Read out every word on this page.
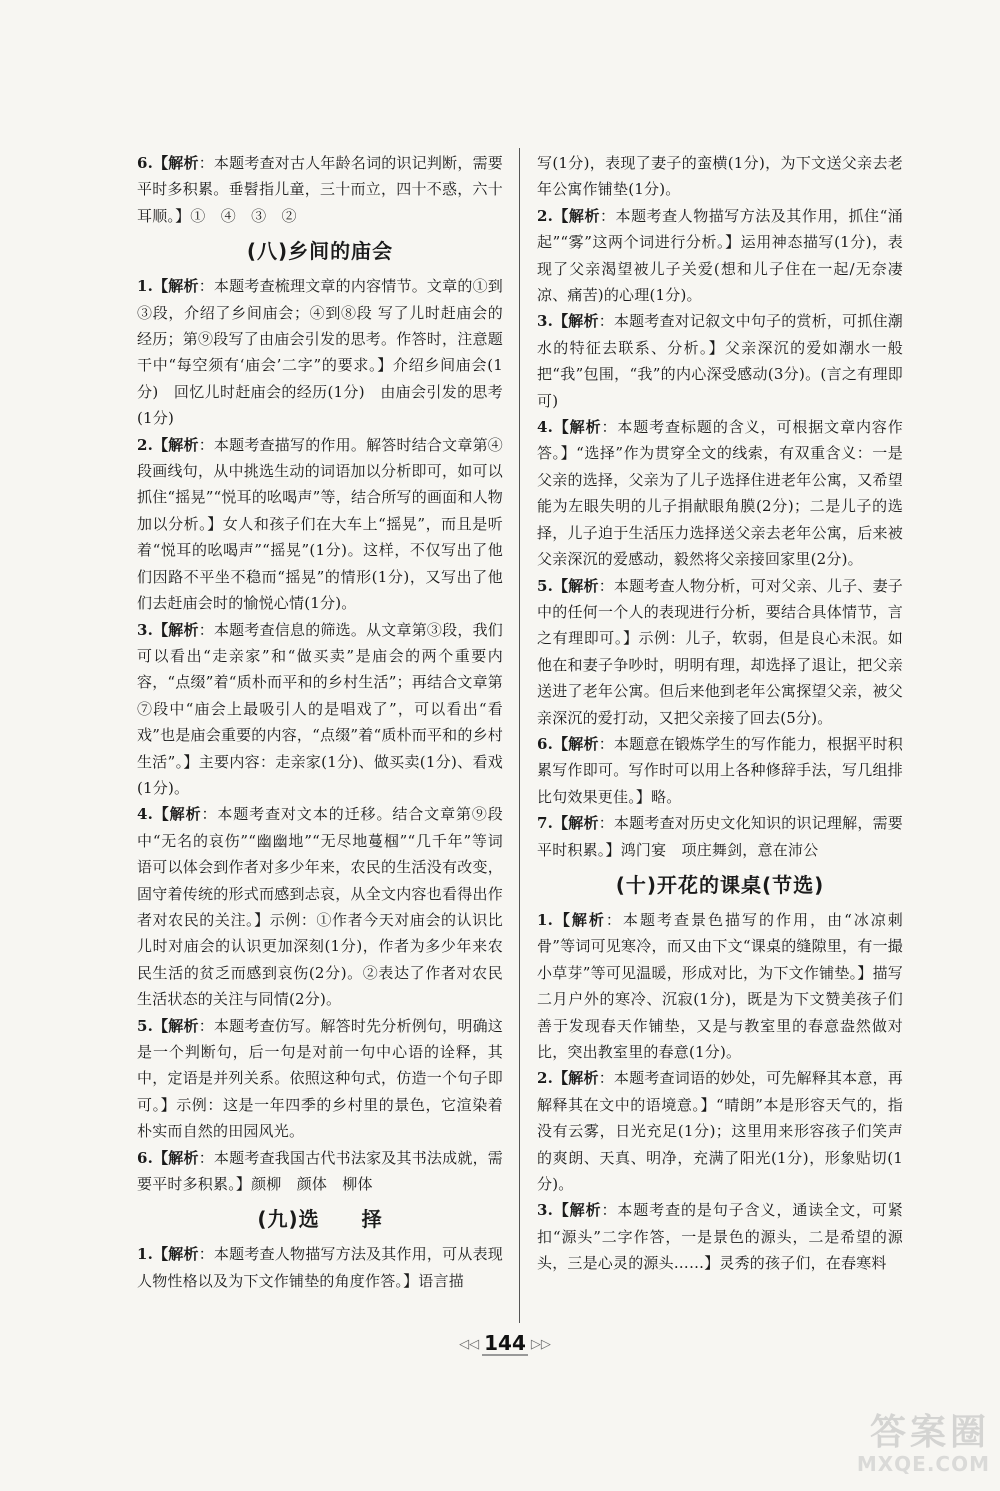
6.【解析：本题考查对古人年龄名词的识记判断，需要平时多积累。垂髫指儿童，三十而立，四十不惑，六十耳顺。】①　④　③　②

(八)乡间的庙会

1.【解析：本题考查梳理文章的内容情节。文章的①到③段，介绍了乡间庙会；④到⑧段 写了儿时赶庙会的经历；第⑨段写了由庙会引发的思考。作答时，注意题干中“每空须有‘庙会’二字”的要求。】介绍乡间庙会(1分)　回忆儿时赶庙会的经历(1分)　由庙会引发的思考(1分)

2.【解析：本题考查描写的作用。解答时结合文章第④段画线句，从中挑选生动的词语加以分析即可，如可以抓住“摇晃”“悦耳的吆喝声”等，结合所写的画面和人物加以分析。】女人和孩子们在大车上“摇晃”，而且是听着“悦耳的吆喝声”“摇晃”(1分)。这样，不仅写出了他们因路不平坐不稳而“摇晃”的情形(1分)，又写出了他们去赶庙会时的愉悦心情(1分)。

3.【解析：本题考查信息的筛选。从文章第③段，我们可以看出“走亲家”和“做买卖”是庙会的两个重要内容，“点缀”着“质朴而平和的乡村生活”；再结合文章第⑦段中“庙会上最吸引人的是唱戏了”，可以看出“看戏”也是庙会重要的内容，“点缀”着“质朴而平和的乡村生活”。】主要内容：走亲家(1分)、做买卖(1分)、看戏(1分)。

4.【解析：本题考查对文本的迁移。结合文章第⑨段中“无名的哀伤”“幽幽地”“无尽地蔓椢”“几千年”等词语可以体会到作者对多少年来，农民的生活没有改变，固守着传统的形式而感到忐哀，从全文内容也看得出作者对农民的关注。】示例：①作者今天对庙会的认识比儿时对庙会的认识更加深刻(1分)，作者为多少年来农民生活的贫乏而感到哀伤(2分)。②表达了作者对农民生活状态的关注与同情(2分)。

5.【解析：本题考查仿写。解答时先分析例句，明确这是一个判断句，后一句是对前一句中心语的诠释，其中，定语是并列关系。依照这种句式，仿造一个句子即可。】示例：这是一年四季的乡村里的景色，它渲染着朴实而自然的田园风光。

6.【解析：本题考查我国古代书法家及其书法成就，需要平时多积累。】颜柳　颜体　柳体

(九)选　　择

1.【解析：本题考查人物描写方法及其作用，可从表现人物性格以及为下文作铺垫的角度作答。】语言描

写(1分)，表现了妻子的蛮横(1分)，为下文送父亲去老年公寓作铺垫(1分)。

2.【解析：本题考查人物描写方法及其作用，抓住“涌起”“雾”这两个词进行分析。】运用神态描写(1分)，表现了父亲渴望被儿子关爱(想和儿子住在一起/无奈凄凉、痛苦)的心理(1分)。

3.【解析：本题考查对记叙文中句子的赏析，可抓住潮水的特征去联系、分析。】父亲深沉的爱如潮水一般把“我”包围，“我”的内心深受感动(3分)。(言之有理即可)

4.【解析：本题考查标题的含义，可根据文章内容作答。】“选择”作为贯穿全文的线索，有双重含义：一是父亲的选择，父亲为了儿子选择住进老年公寓，又希望能为左眼失明的儿子捐献眼角膜(2分)；二是儿子的选择，儿子迫于生活压力选择送父亲去老年公寓，后来被父亲深沉的爱感动，毅然将父亲接回家里(2分)。

5.【解析：本题考查人物分析，可对父亲、儿子、妻子中的任何一个人的表现进行分析，要结合具体情节，言之有理即可。】示例：儿子，软弱，但是良心未泯。如他在和妻子争吵时，明明有理，却选择了退让，把父亲送进了老年公寓。但后来他到老年公寓探望父亲，被父亲深沉的爱打动，又把父亲接了回去(5分)。

6.【解析：本题意在锻炼学生的写作能力，根据平时积累写作即可。写作时可以用上各种修辞手法，写几组排比句效果更佳。】略。

7.【解析：本题考查对历史文化知识的识记理解，需要平时积累。】鸿门宴　项庄舞剑，意在沛公

(十)开花的课桌(节选)

1.【解析：本题考查景色描写的作用，由“冰凉刺骨”等词可见寒冷，而又由下文“课桌的缝隙里，有一撮小草芽”等可见温暖，形成对比，为下文作铺垫。】描写二月户外的寒冷、沉寂(1分)，既是为下文赞美孩子们善于发现春天作铺垫，又是与教室里的春意盎然做对比，突出教室里的春意(1分)。

2.【解析：本题考查词语的妙处，可先解释其本意，再解释其在文中的语境意。】“晴朗”本是形容天气的，指没有云雾，日光充足(1分)；这里用来形容孩子们笑声的爽朗、天真、明净，充满了阳光(1分)，形象贴切(1分)。

3.【解析：本题考查的是句子含义，通读全文，可紧扣“源头”二字作答，一是景色的源头，二是希望的源头，三是心灵的源头……】灵秀的孩子们，在春寒料

◁◁ 144 ▷▷
答案圈
MXQE.COM
